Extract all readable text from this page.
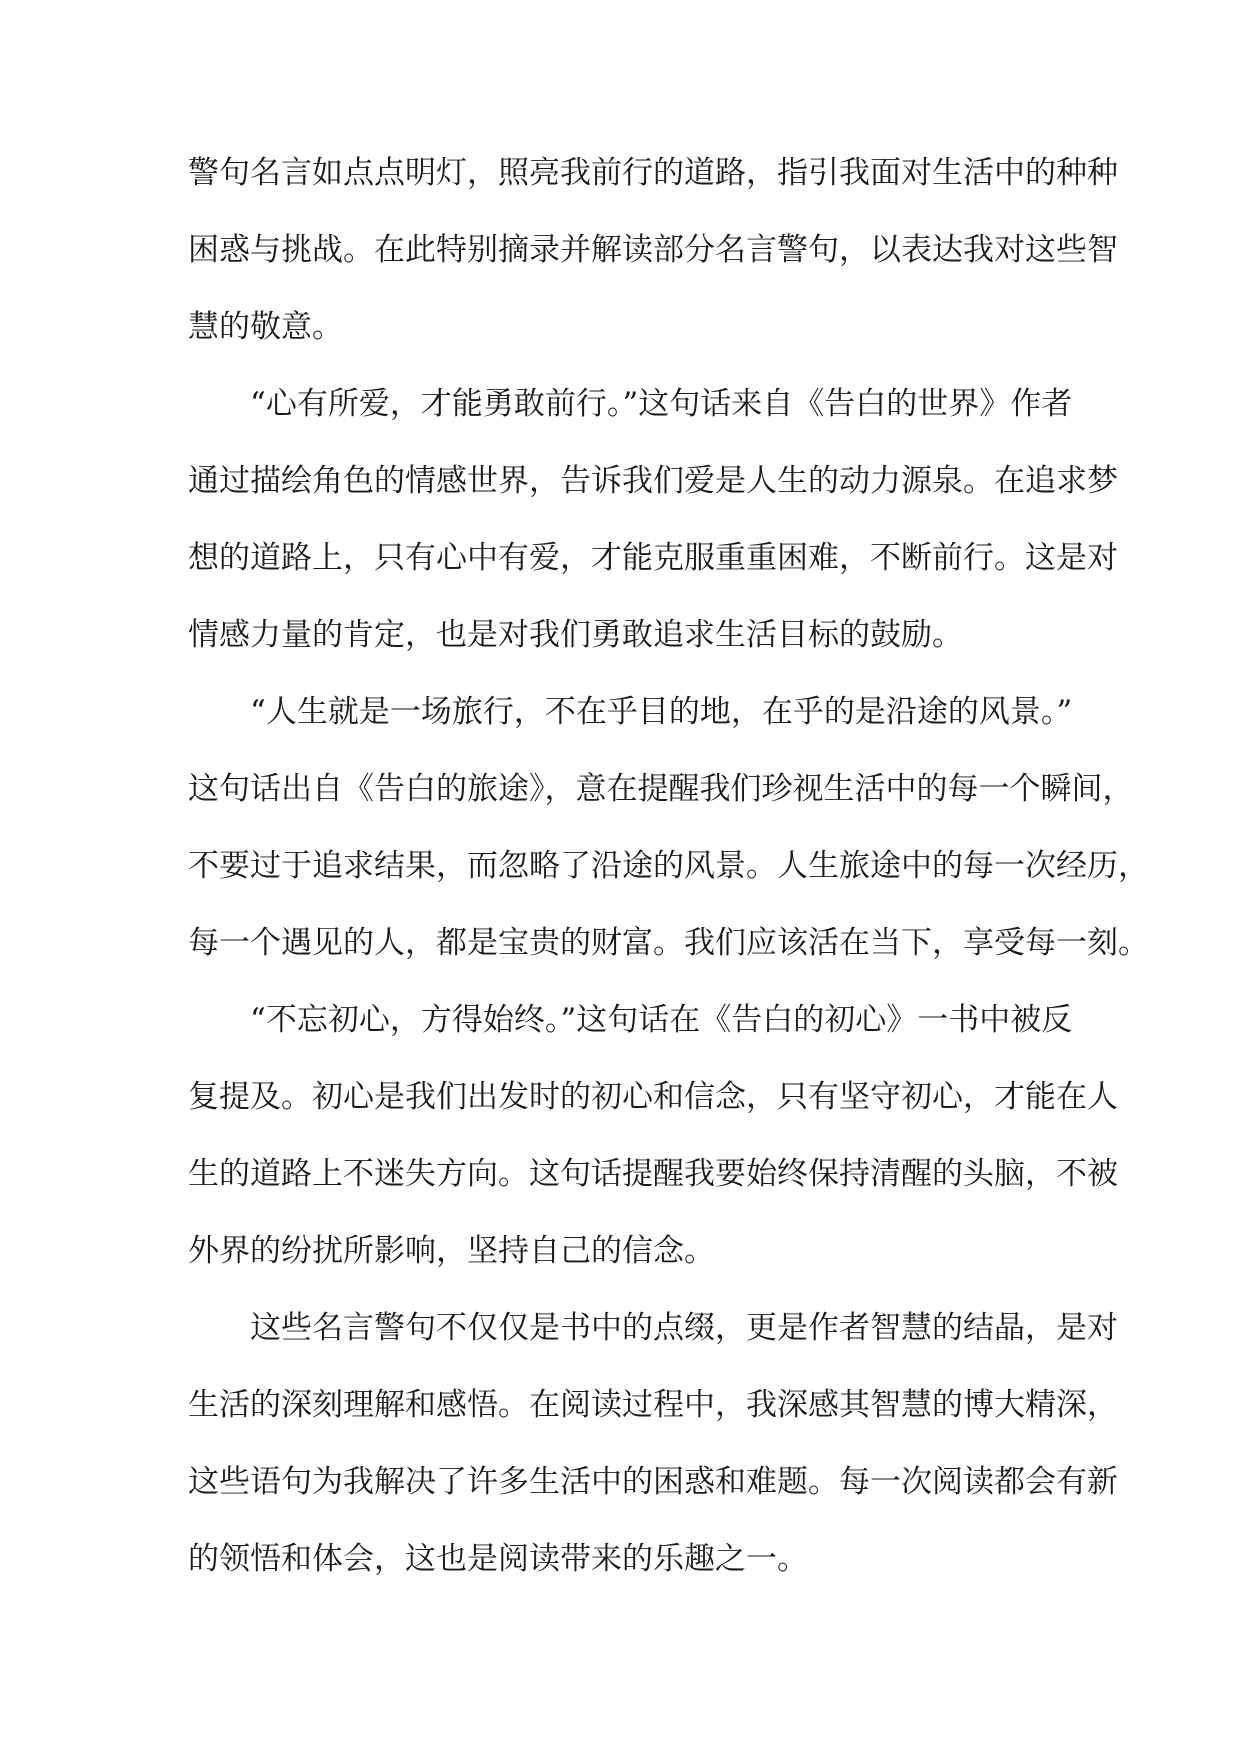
警句名言如点点明灯，照亮我前行的道路，指引我面对生活中的种种
困惑与挑战。在此特别摘录并解读部分名言警句，以表达我对这些智
慧的敬意。
“心有所爱，才能勇敢前行。”这句话来自《告白的世界》作者
通过描绘角色的情感世界，告诉我们爱是人生的动力源泉。在追求梦
想的道路上，只有心中有爱，才能克服重重困难，不断前行。这是对
情感力量的肯定，也是对我们勇敢追求生活目标的鼓励。
“人生就是一场旅行，不在乎目的地，在乎的是沿途的风景。”
这句话出自《告白的旅途》，意在提醒我们珍视生活中的每一个瞬间，
不要过于追求结果，而忽略了沿途的风景。人生旅途中的每一次经历，
每一个遇见的人，都是宝贵的财富。我们应该活在当下，享受每一刻。
“不忘初心，方得始终。”这句话在《告白的初心》一书中被反
复提及。初心是我们出发时的初心和信念，只有坚守初心，才能在人
生的道路上不迷失方向。这句话提醒我要始终保持清醒的头脑，不被
外界的纷扰所影响，坚持自己的信念。
这些名言警句不仅仅是书中的点缀，更是作者智慧的结晶，是对
生活的深刻理解和感悟。在阅读过程中，我深感其智慧的博大精深，
这些语句为我解决了许多生活中的困惑和难题。每一次阅读都会有新
的领悟和体会，这也是阅读带来的乐趣之一。
